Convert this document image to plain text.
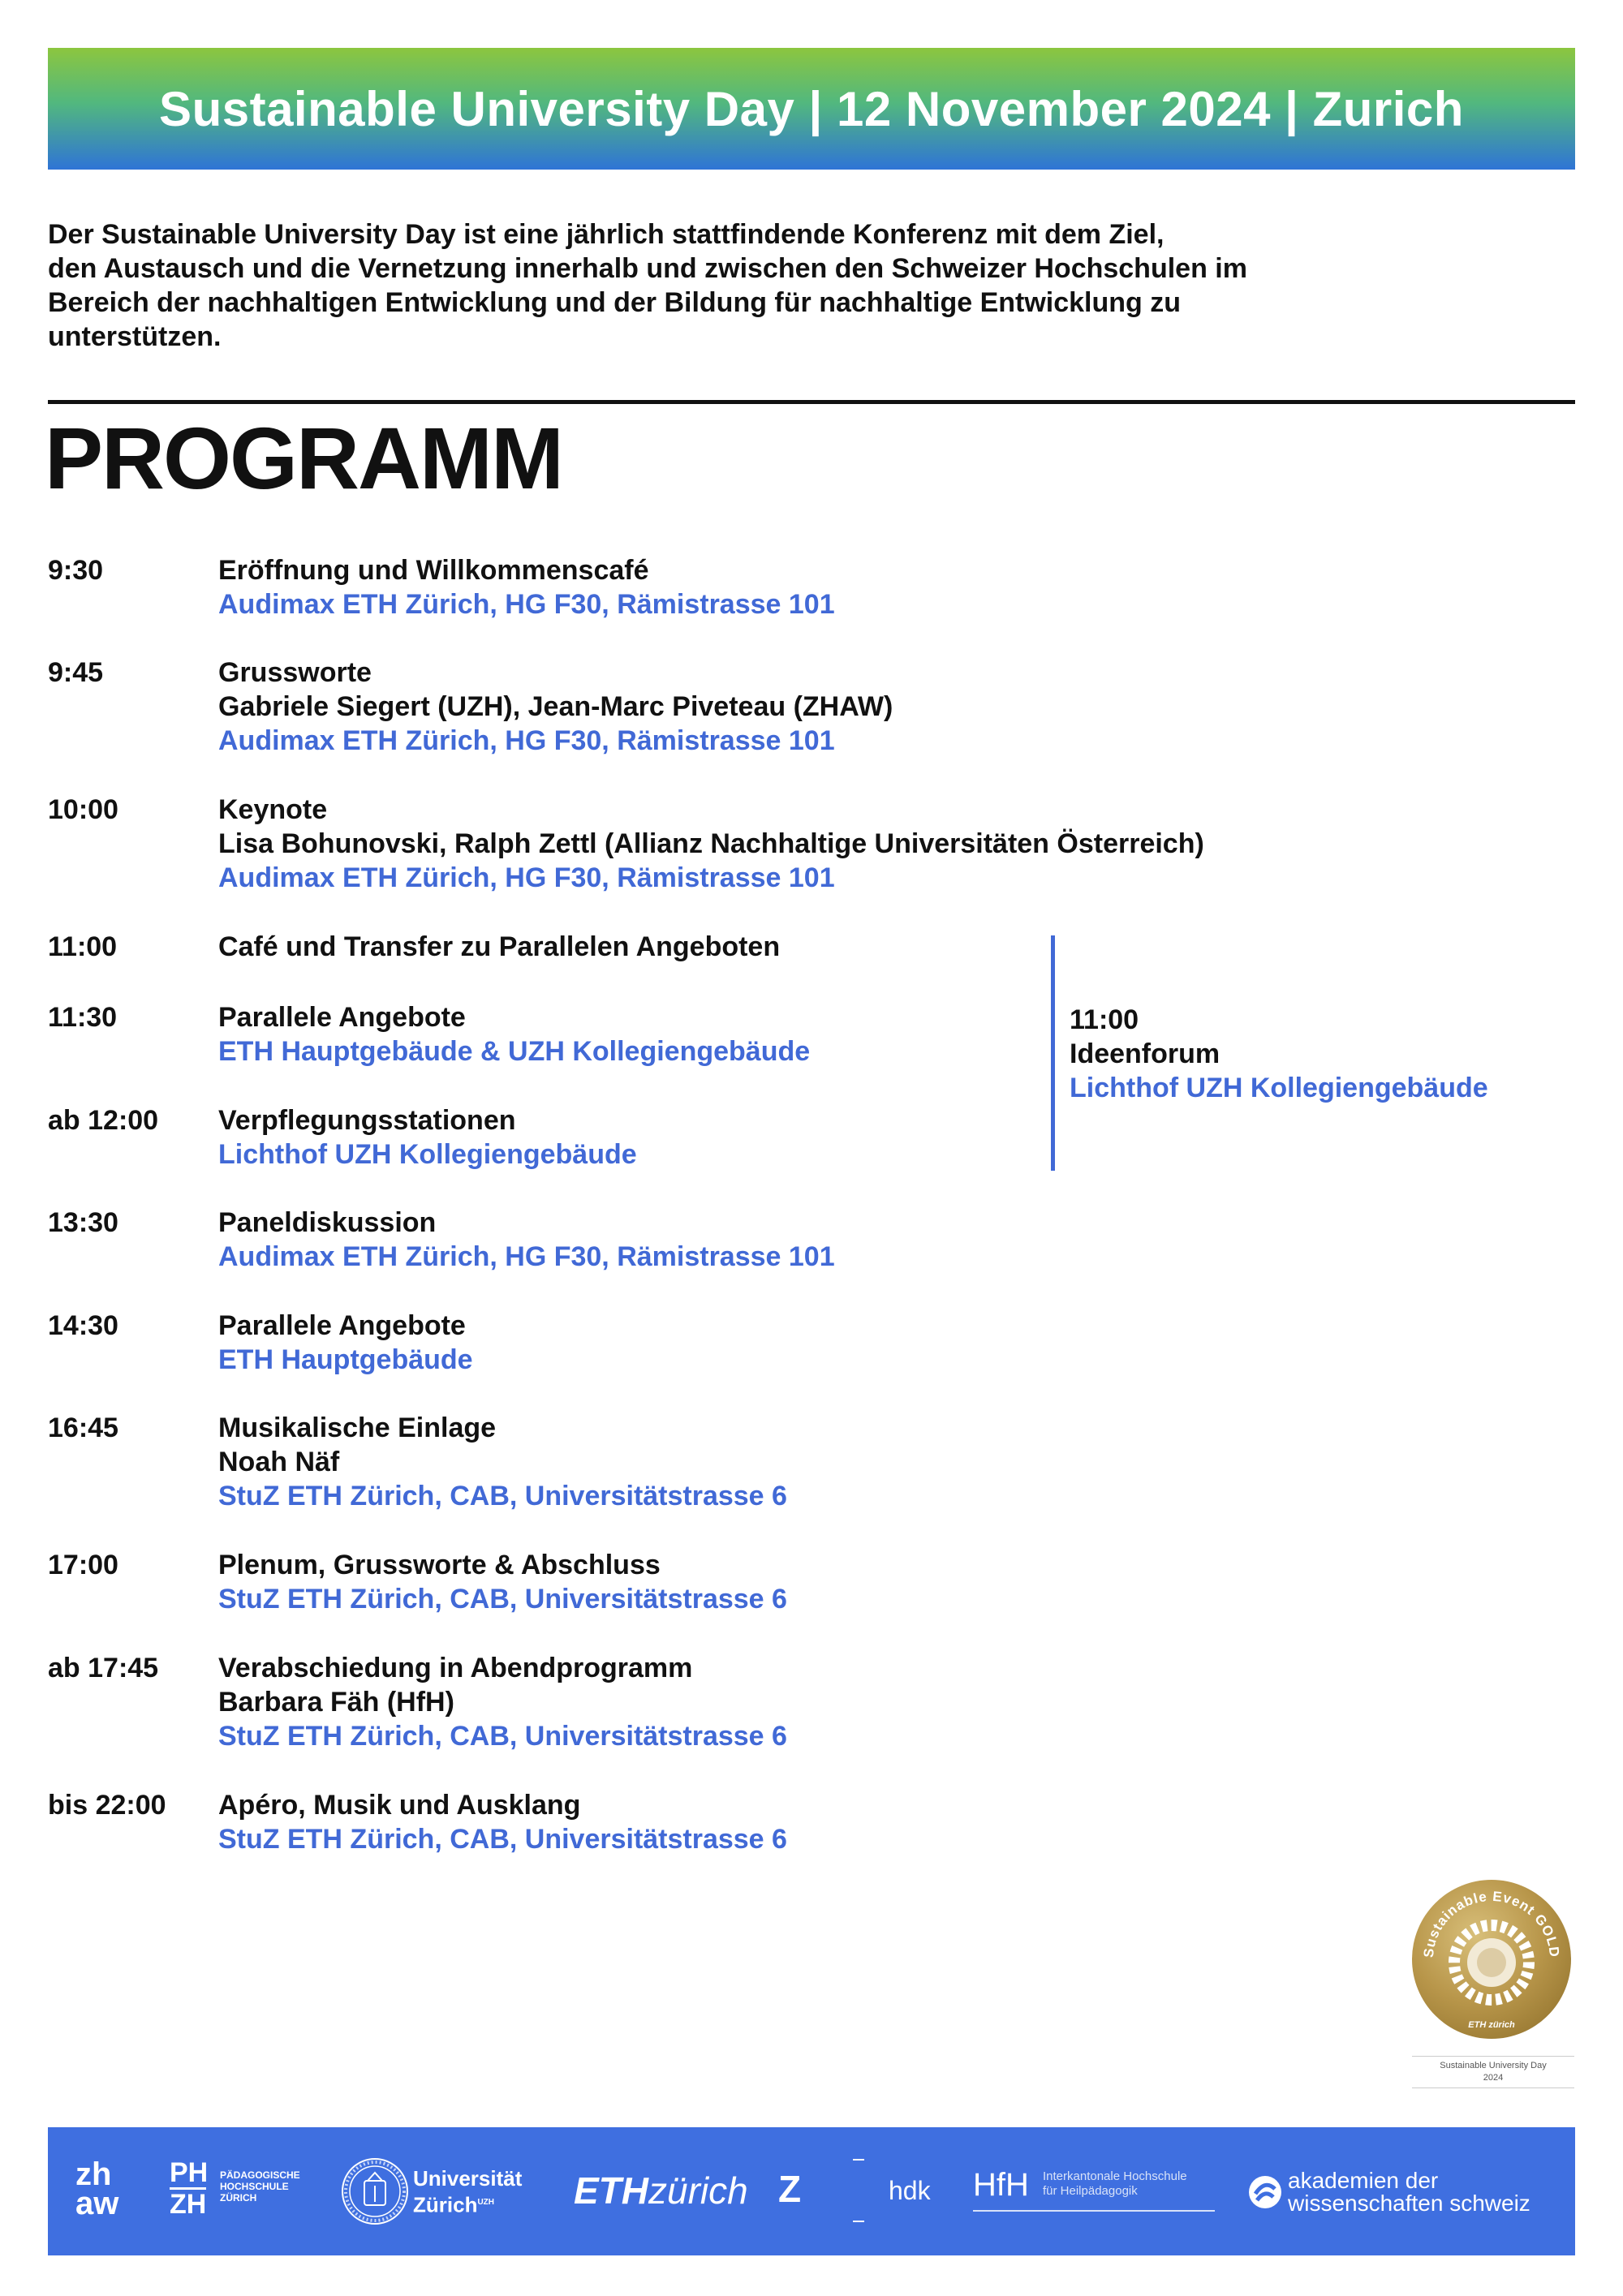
Sustainable University Day | 12 November 2024 | Zurich

Der Sustainable University Day ist eine jährlich stattfindende Konferenz mit dem Ziel,
den Austausch und die Vernetzung innerhalb und zwischen den Schweizer Hochschulen im
Bereich der nachhaltigen Entwicklung und der Bildung für nachhaltige Entwicklung zu
unterstützen.

PROGRAMM
9:30	Eröffnung und Willkommenscafé
Audimax ETH Zürich, HG F30, Rämistrasse 101
9:45	Grussworte
Gabriele Siegert (UZH), Jean-Marc Piveteau (ZHAW)
Audimax ETH Zürich, HG F30, Rämistrasse 101
10:00	Keynote
Lisa Bohunovski, Ralph Zettl (Allianz Nachhaltige Universitäten Österreich)
Audimax ETH Zürich, HG F30, Rämistrasse 101
11:00	Café und Transfer zu Parallelen Angeboten
11:30	Parallele Angebote
ETH Hauptgebäude & UZH Kollegiengebäude
ab 12:00	Verpflegungsstationen
Lichthof UZH Kollegiengebäude
13:30	Paneldiskussion
Audimax ETH Zürich, HG F30, Rämistrasse 101
14:30	Parallele Angebote
ETH Hauptgebäude
16:45	Musikalische Einlage
Noah Näf
StuZ ETH Zürich, CAB, Universitätstrasse 6
17:00	Plenum, Grussworte & Abschluss
StuZ ETH Zürich, CAB, Universitätstrasse 6
ab 17:45	Verabschiedung in Abendprogramm
Barbara Fäh (HfH)
StuZ ETH Zürich, CAB, Universitätstrasse 6
bis 22:00	Apéro, Musik und Ausklang
StuZ ETH Zürich, CAB, Universitätstrasse 6
11:00
Ideenforum
Lichthof UZH Kollegiengebäude
Sustainable Event GOLD
ETH zürich
Sustainable University Day
2024
zh
aw
PH
ZH
PÄDAGOGISCHE
HOCHSCHULE
ZÜRICH
Universität
Zürich$^{UZH}$	ETHzürich Z	hdk HfH Interkantonale Hochschule
für Heilpädagogik	akademien der
wissenschaften schweiz
